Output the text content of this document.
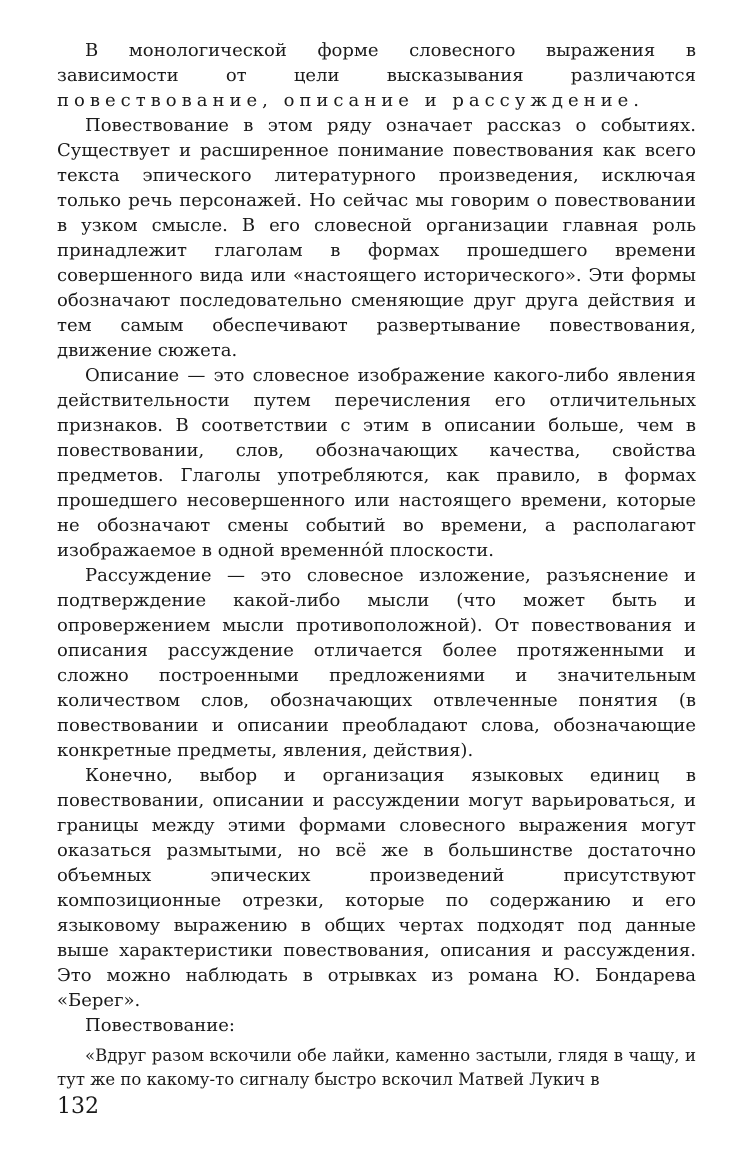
В монологической форме словесного выражения в зависимости от цели высказывания различаются повествование, описание и рассуждение.

Повествование в этом ряду означает рассказ о событиях. Существует и расширенное понимание повествования как всего текста эпического литературного произведения, исключая только речь персонажей. Но сейчас мы говорим о повествовании в узком смысле. В его словесной организации главная роль принадлежит глаголам в формах прошедшего времени совершенного вида или «настоящего исторического». Эти формы обозначают последовательно сменяющие друг друга действия и тем самым обеспечивают развертывание повествования, движение сюжета.

Описание — это словесное изображение какого-либо явления действительности путем перечисления его отличительных признаков. В соответствии с этим в описании больше, чем в повествовании, слов, обозначающих качества, свойства предметов. Глаголы употребляются, как правило, в формах прошедшего несовершенного или настоящего времени, которые не обозначают смены событий во времени, а располагают изображаемое в одной временнóй плоскости.

Рассуждение — это словесное изложение, разъяснение и подтверждение какой-либо мысли (что может быть и опровержением мысли противоположной). От повествования и описания рассуждение отличается более протяженными и сложно построенными предложениями и значительным количеством слов, обозначающих отвлеченные понятия (в повествовании и описании преобладают слова, обозначающие конкретные предметы, явления, действия).

Конечно, выбор и организация языковых единиц в повествовании, описании и рассуждении могут варьироваться, и границы между этими формами словесного выражения могут оказаться размытыми, но всё же в большинстве достаточно объемных эпических произведений присутствуют композиционные отрезки, которые по содержанию и его языковому выражению в общих чертах подходят под данные выше характеристики повествования, описания и рассуждения. Это можно наблюдать в отрывках из романа Ю. Бондарева «Берег».

Повествование:

«Вдруг разом вскочили обе лайки, каменно застыли, глядя в чащу, и тут же по какому-то сигналу быстро вскочил Матвей Лукич в

132
